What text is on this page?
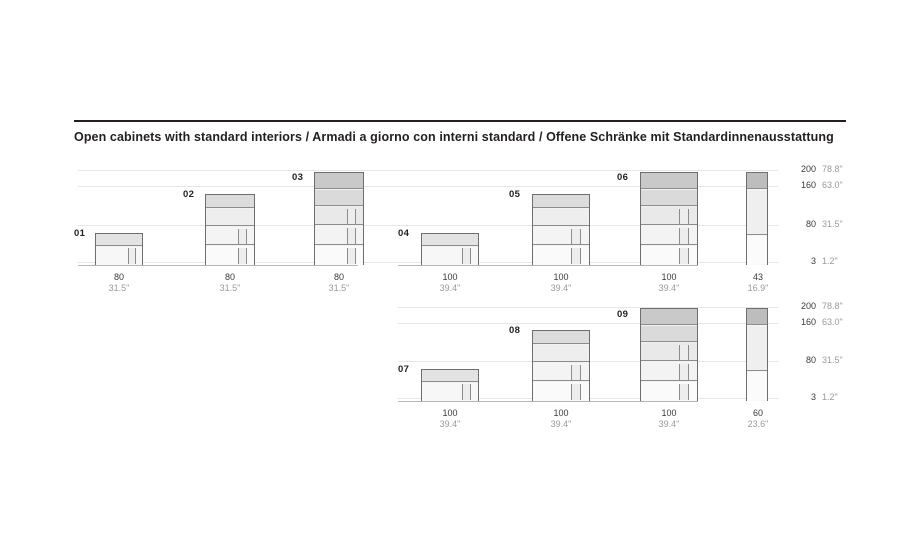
Open cabinets with standard interiors / Armadi a giorno con interni standard / Offene Schränke mit Standardinnenausstattung
01
80
31.5"
02
80
31.5"
03
80
31.5"
04
100
39.4"
05
100
39.4"
06
100
39.4"
43
16.9"
200 78.8"
160 63.0"
80 31.5"
3 1.2"
07
100
39.4"
08
100
39.4"
09
100
39.4"
60
23.6"
200 78.8"
160 63.0"
80 31.5"
3 1.2"
